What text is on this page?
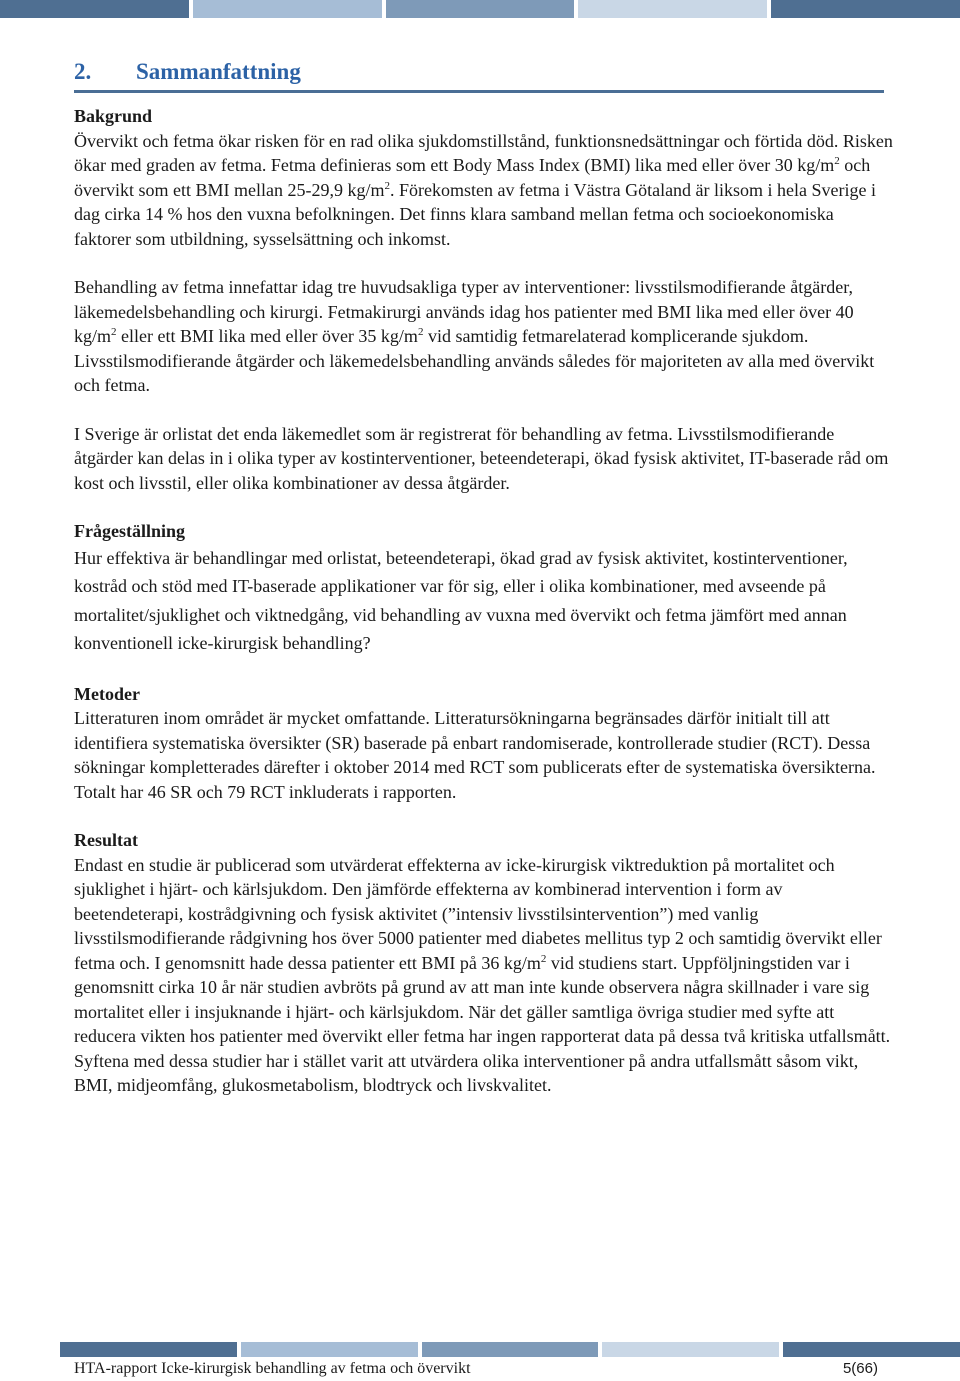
2. Sammanfattning

Bakgrund

Övervikt och fetma ökar risken för en rad olika sjukdomstillstånd, funktionsnedsättningar och förtida död. Risken ökar med graden av fetma. Fetma definieras som ett Body Mass Index (BMI) lika med eller över 30 $kg/m^2$ och övervikt som ett BMI mellan 25-29,9 $kg/m^2$. Förekomsten av fetma i Västra Götaland är liksom i hela Sverige i dag cirka 14 % hos den vuxna befolkningen. Det finns klara samband mellan fetma och socioekonomiska faktorer som utbildning, sysselsättning och inkomst.

Behandling av fetma innefattar idag tre huvudsakliga typer av interventioner: livsstilsmodifierande åtgärder, läkemedelsbehandling och kirurgi. Fetmakirurgi används idag hos patienter med BMI lika med eller över 40 $kg/m^2$ eller ett BMI lika med eller över 35 $kg/m^2$ vid samtidig fetmarelaterad komplicerande sjukdom. Livsstilsmodifierande åtgärder och läkemedelsbehandling används således för majoriteten av alla med övervikt och fetma.

I Sverige är orlistat det enda läkemedlet som är registrerat för behandling av fetma. Livsstilsmodifierande åtgärder kan delas in i olika typer av kostinterventioner, beteendeterapi, ökad fysisk aktivitet, IT-baserade råd om kost och livsstil, eller olika kombinationer av dessa åtgärder.

Frågeställning

Hur effektiva är behandlingar med orlistat, beteendeterapi, ökad grad av fysisk aktivitet, kostinterventioner, kostråd och stöd med IT-baserade applikationer var för sig, eller i olika kombinationer, med avseende på mortalitet/sjuklighet och viktnedgång, vid behandling av vuxna med övervikt och fetma jämfört med annan konventionell icke-kirurgisk behandling?

Metoder

Litteraturen inom området är mycket omfattande. Litteratursökningarna begränsades därför initialt till att identifiera systematiska översikter (SR) baserade på enbart randomiserade, kontrollerade studier (RCT). Dessa sökningar kompletterades därefter i oktober 2014 med RCT som publicerats efter de systematiska översikterna. Totalt har 46 SR och 79 RCT inkluderats i rapporten.

Resultat

Endast en studie är publicerad som utvärderat effekterna av icke-kirurgisk viktreduktion på mortalitet och sjuklighet i hjärt- och kärlsjukdom. Den jämförde effekterna av kombinerad intervention i form av beetendeterapi, kostrådgivning och fysisk aktivitet (”intensiv livsstilsintervention”) med vanlig livsstilsmodifierande rådgivning hos över 5000 patienter med diabetes mellitus typ 2 och samtidig övervikt eller fetma och. I genomsnitt hade dessa patienter ett BMI på 36 $kg/m^2$ vid studiens start. Uppföljningstiden var i genomsnitt cirka 10 år när studien avbröts på grund av att man inte kunde observera några skillnader i vare sig mortalitet eller i insjuknande i hjärt- och kärlsjukdom. När det gäller samtliga övriga studier med syfte att reducera vikten hos patienter med övervikt eller fetma har ingen rapporterat data på dessa två kritiska utfallsmått. Syftena med dessa studier har i stället varit att utvärdera olika interventioner på andra utfallsmått såsom vikt, BMI, midjeomfång, glukosmetabolism, blodtryck och livskvalitet.

HTA-rapport Icke-kirurgisk behandling av fetma och övervikt	5(66)
